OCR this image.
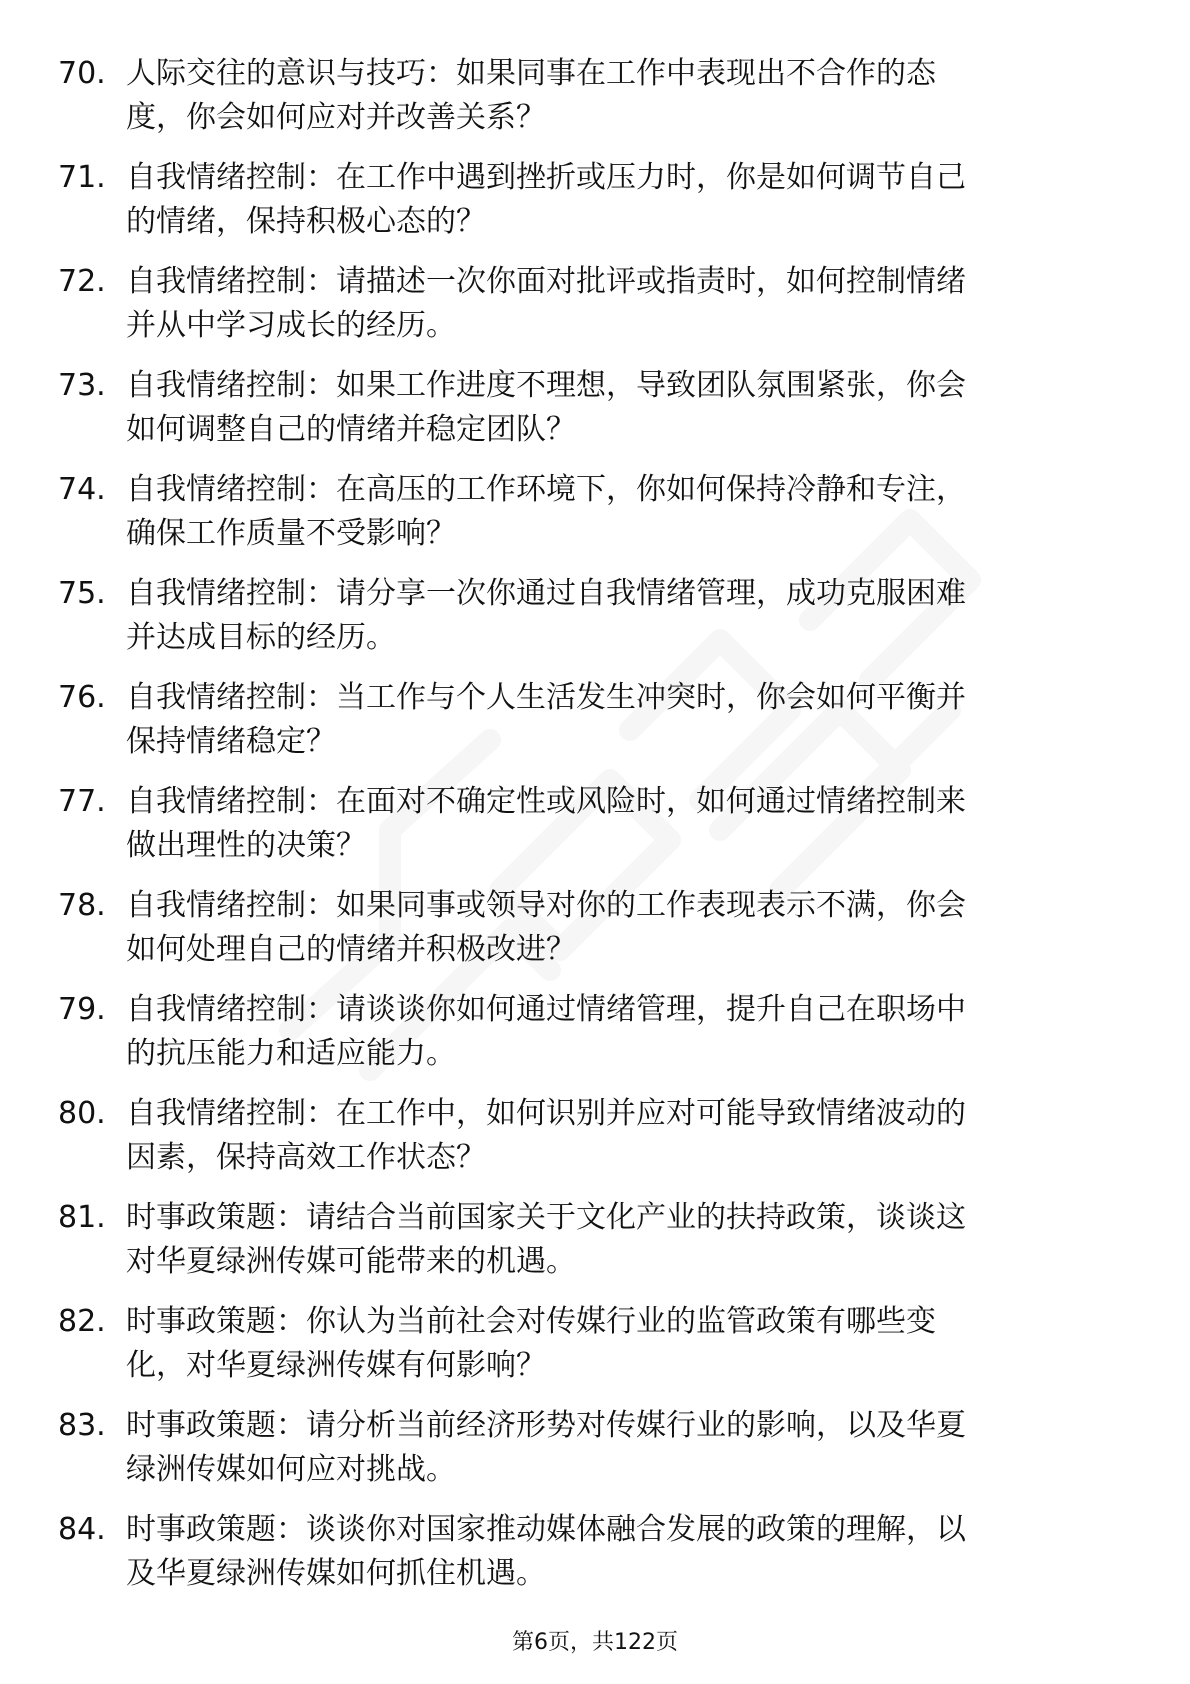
70. 人际交往的意识与技巧：如果同事在工作中表现出不合作的态
度，你会如何应对并改善关系？
71. 自我情绪控制：在工作中遇到挫折或压力时，你是如何调节自己
的情绪，保持积极心态的？
72. 自我情绪控制：请描述一次你面对批评或指责时，如何控制情绪
并从中学习成长的经历。
73. 自我情绪控制：如果工作进度不理想，导致团队氛围紧张，你会
如何调整自己的情绪并稳定团队？
74. 自我情绪控制：在高压的工作环境下，你如何保持冷静和专注，
确保工作质量不受影响？
75. 自我情绪控制：请分享一次你通过自我情绪管理，成功克服困难
并达成目标的经历。
76. 自我情绪控制：当工作与个人生活发生冲突时，你会如何平衡并
保持情绪稳定？
77. 自我情绪控制：在面对不确定性或风险时，如何通过情绪控制来
做出理性的决策？
78. 自我情绪控制：如果同事或领导对你的工作表现表示不满，你会
如何处理自己的情绪并积极改进？
79. 自我情绪控制：请谈谈你如何通过情绪管理，提升自己在职场中
的抗压能力和适应能力。
80. 自我情绪控制：在工作中，如何识别并应对可能导致情绪波动的
因素，保持高效工作状态？
81. 时事政策题：请结合当前国家关于文化产业的扶持政策，谈谈这
对华夏绿洲传媒可能带来的机遇。
82. 时事政策题：你认为当前社会对传媒行业的监管政策有哪些变
化，对华夏绿洲传媒有何影响？
83. 时事政策题：请分析当前经济形势对传媒行业的影响，以及华夏
绿洲传媒如何应对挑战。
84. 时事政策题：谈谈你对国家推动媒体融合发展的政策的理解，以
及华夏绿洲传媒如何抓住机遇。
第6页，共122页
